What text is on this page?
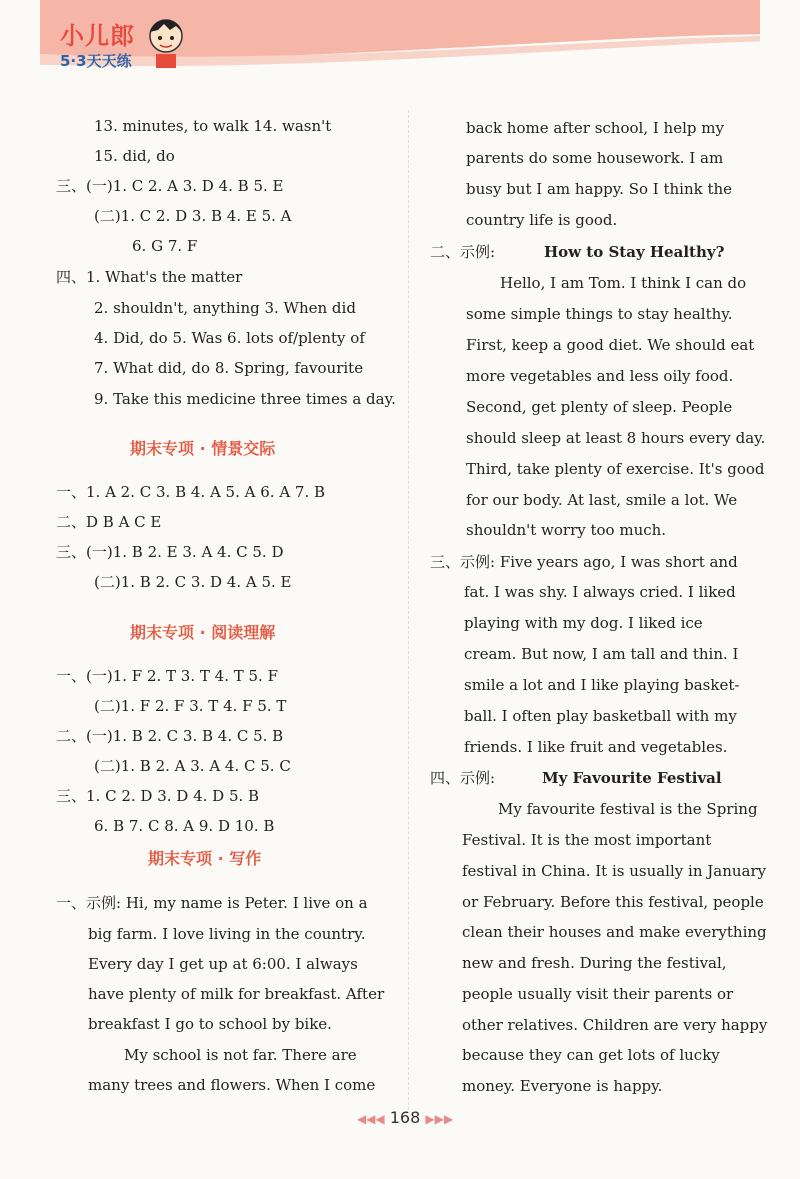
小儿郎
5·3天天练
13. minutes, to walk 14. wasn't
15. did, do
三、(一)1. C 2. A 3. D 4. B 5. E
(二)1. C 2. D 3. B 4. E 5. A
6. G 7. F
四、1. What's the matter
2. shouldn't, anything 3. When did
4. Did, do 5. Was 6. lots of/plenty of
7. What did, do 8. Spring, favourite
9. Take this medicine three times a day.
期末专项 · 情景交际
一、1. A 2. C 3. B 4. A 5. A 6. A 7. B
二、D B A C E
三、(一)1. B 2. E 3. A 4. C 5. D
(二)1. B 2. C 3. D 4. A 5. E
期末专项 · 阅读理解
一、(一)1. F 2. T 3. T 4. T 5. F
(二)1. F 2. F 3. T 4. F 5. T
二、(一)1. B 2. C 3. B 4. C 5. B
(二)1. B 2. A 3. A 4. C 5. C
三、1. C 2. D 3. D 4. D 5. B
6. B 7. C 8. A 9. D 10. B
期末专项 · 写作
一、示例: Hi, my name is Peter. I live on a
big farm. I love living in the country.
Every day I get up at 6:00. I always
have plenty of milk for breakfast. After
breakfast I go to school by bike.
My school is not far. There are
many trees and flowers. When I come
back home after school, I help my
parents do some housework. I am
busy but I am happy. So I think the
country life is good.
二、示例:	How to Stay Healthy?
Hello, I am Tom. I think I can do
some simple things to stay healthy.
First, keep a good diet. We should eat
more vegetables and less oily food.
Second, get plenty of sleep. People
should sleep at least 8 hours every day.
Third, take plenty of exercise. It's good
for our body. At last, smile a lot. We
shouldn't worry too much.
三、示例: Five years ago, I was short and
fat. I was shy. I always cried. I liked
playing with my dog. I liked ice
cream. But now, I am tall and thin. I
smile a lot and I like playing basket-
ball. I often play basketball with my
friends. I like fruit and vegetables.
四、示例:	My Favourite Festival
My favourite festival is the Spring
Festival. It is the most important
festival in China. It is usually in January
or February. Before this festival, people
clean their houses and make everything
new and fresh. During the festival,
people usually visit their parents or
other relatives. Children are very happy
because they can get lots of lucky
money. Everyone is happy.
◀◀◀ 168 ▶▶▶
